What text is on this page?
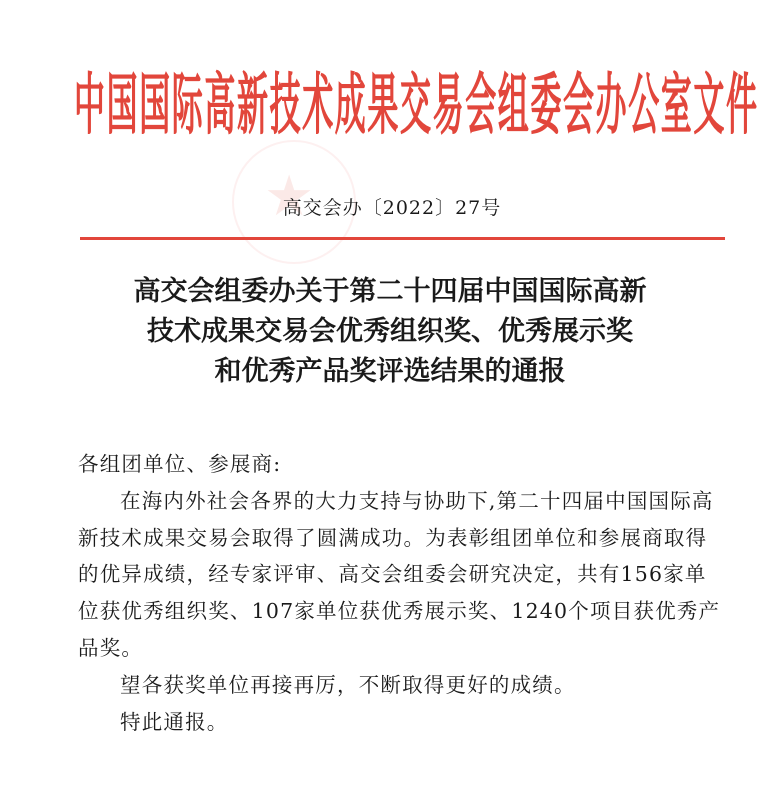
中国国际高新技术成果交易会组委会办公室文件
★
高交会办〔2022〕27号
高交会组委办关于第二十四届中国国际高新
技术成果交易会优秀组织奖、优秀展示奖
和优秀产品奖评选结果的通报

各组团单位、参展商:

在海内外社会各界的大力支持与协助下,第二十四届中国国际高新技术成果交易会取得了圆满成功。为表彰组团单位和参展商取得的优异成绩，经专家评审、高交会组委会研究决定，共有156家单位获优秀组织奖、107家单位获优秀展示奖、1240个项目获优秀产品奖。

望各获奖单位再接再厉，不断取得更好的成绩。

特此通报。
